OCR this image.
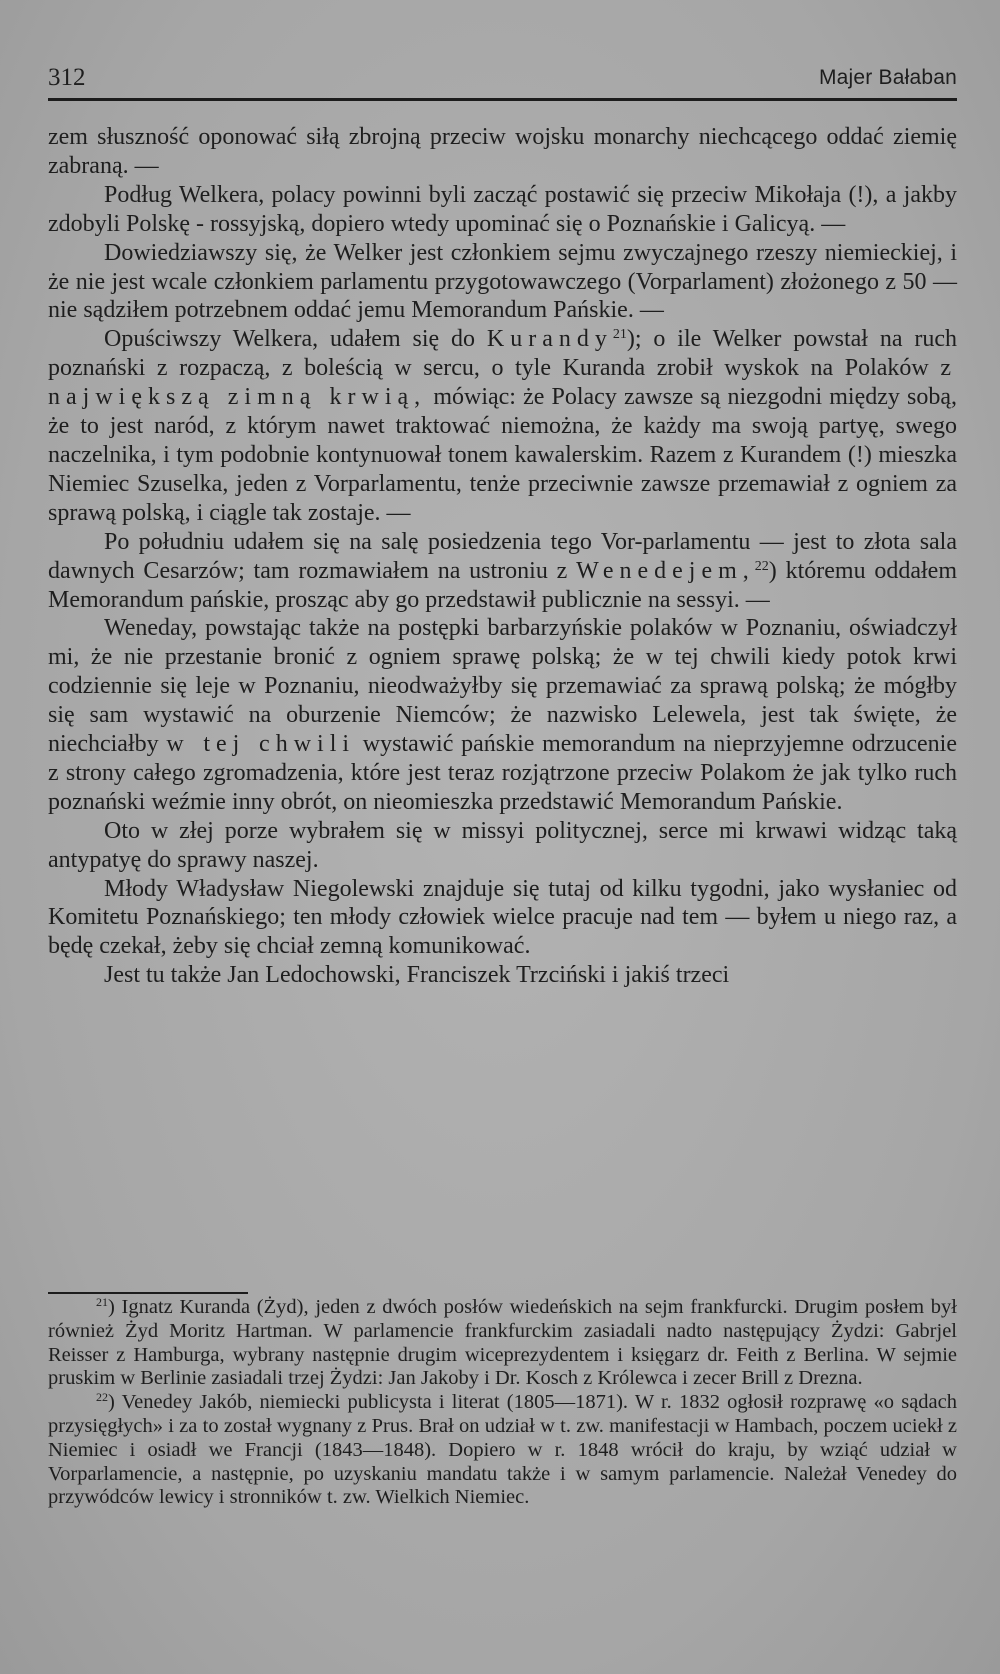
312	Majer Bałaban

zem słuszność oponować siłą zbrojną przeciw wojsku monarchy niechcącego oddać ziemię zabraną. —

Podług Welkera, polacy powinni byli zacząć postawić się przeciw Mikołaja (!), a jakby zdobyli Polskę - rossyjską, dopiero wtedy upominać się o Poznańskie i Galicyą. —

Dowiedziawszy się, że Welker jest członkiem sejmu zwyczajnego rzeszy niemieckiej, i że nie jest wcale członkiem parlamentu przygotowawczego (Vorparlament) złożonego z 50 — nie sądziłem potrzebnem oddać jemu Memorandum Pańskie. —

Opuściwszy Welkera, udałem się do Kurandy$^{21}$); o ile Welker powstał na ruch poznański z rozpaczą, z boleścią w sercu, o tyle Kuranda zrobił wyskok na Polaków z największą zimną krwią, mówiąc: że Polacy zawsze są niezgodni między sobą, że to jest naród, z którym nawet traktować niemożna, że każdy ma swoją partyę, swego naczelnika, i tym podobnie kontynuował tonem kawalerskim. Razem z Kurandem (!) mieszka Niemiec Szuselka, jeden z Vorparlamentu, tenże przeciwnie zawsze przemawiał z ogniem za sprawą polską, i ciągle tak zostaje. —

Po południu udałem się na salę posiedzenia tego Vor-parlamentu — jest to złota sala dawnych Cesarzów; tam rozmawiałem na ustroniu z Wenedejem,$^{22}$) któremu oddałem Memorandum pańskie, prosząc aby go przedstawił publicznie na sessyi. —

Weneday, powstając także na postępki barbarzyńskie polaków w Poznaniu, oświadczył mi, że nie przestanie bronić z ogniem sprawę polską; że w tej chwili kiedy potok krwi codziennie się leje w Poznaniu, nieodważyłby się przemawiać za sprawą polską; że mógłby się sam wystawić na oburzenie Niemców; że nazwisko Lelewela, jest tak święte, że niechciałby w tej chwili wystawić pańskie memorandum na nieprzyjemne odrzucenie z strony całego zgromadzenia, które jest teraz rozjątrzone przeciw Polakom że jak tylko ruch poznański weźmie inny obrót, on nieomieszka przedstawić Memorandum Pańskie.

Oto w złej porze wybrałem się w missyi politycznej, serce mi krwawi widząc taką antypatyę do sprawy naszej.

Młody Władysław Niegolewski znajduje się tutaj od kilku tygodni, jako wysłaniec od Komitetu Poznańskiego; ten młody człowiek wielce pracuje nad tem — byłem u niego raz, a będę czekał, żeby się chciał zemną komunikować.

Jest tu także Jan Ledochowski, Franciszek Trzciński i jakiś trzeci

$^{21}$) Ignatz Kuranda (Żyd), jeden z dwóch posłów wiedeńskich na sejm frankfurcki. Drugim posłem był również Żyd Moritz Hartman. W parlamencie frankfurckim zasiadali nadto następujący Żydzi: Gabrjel Reisser z Hamburga, wybrany następnie drugim wiceprezydentem i księgarz dr. Feith z Berlina. W sejmie pruskim w Berlinie zasiadali trzej Żydzi: Jan Jakoby i Dr. Kosch z Królewca i zecer Brill z Drezna.

$^{22}$) Venedey Jakób, niemiecki publicysta i literat (1805—1871). W r. 1832 ogłosił rozprawę «o sądach przysięgłych» i za to został wygnany z Prus. Brał on udział w t. zw. manifestacji w Hambach, poczem uciekł z Niemiec i osiadł we Francji (1843—1848). Dopiero w r. 1848 wrócił do kraju, by wziąć udział w Vorparlamencie, a następnie, po uzyskaniu mandatu także i w samym parlamencie. Należał Venedey do przywódców lewicy i stronników t. zw. Wielkich Niemiec.
